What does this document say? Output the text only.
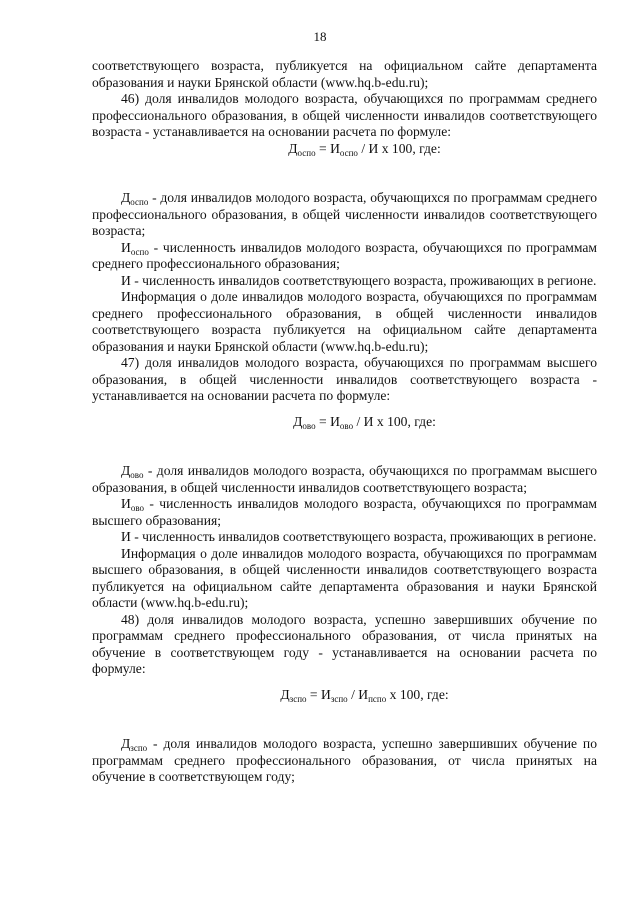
18

соответствующего возраста, публикуется на официальном сайте департамента образования и науки Брянской области (www.hq.b-edu.ru);

46) доля инвалидов молодого возраста, обучающихся по программам среднего профессионального образования, в общей численности инвалидов соответствующего возраста - устанавливается на основании расчета по формуле:

$Д_{оспо} = И_{оспо} / И$ х 100, где:

$Д_{оспо}$ - доля инвалидов молодого возраста, обучающихся по программам среднего профессионального образования, в общей численности инвалидов соответствующего возраста;

$И_{оспо}$ - численность инвалидов молодого возраста, обучающихся по программам среднего профессионального образования;

И - численность инвалидов соответствующего возраста, проживающих в регионе.

Информация о доле инвалидов молодого возраста, обучающихся по программам среднего профессионального образования, в общей численности инвалидов соответствующего возраста публикуется на официальном сайте департамента образования и науки Брянской области (www.hq.b-edu.ru);

47) доля инвалидов молодого возраста, обучающихся по программам высшего образования, в общей численности инвалидов соответствующего возраста - устанавливается на основании расчета по формуле:

$Д_{ово} = И_{ово} / И$ х 100, где:

$Д_{ово}$ - доля инвалидов молодого возраста, обучающихся по программам высшего образования, в общей численности инвалидов соответствующего возраста;

$И_{ово}$ - численность инвалидов молодого возраста, обучающихся по программам высшего образования;

И - численность инвалидов соответствующего возраста, проживающих в регионе.

Информация о доле инвалидов молодого возраста, обучающихся по программам высшего образования, в общей численности инвалидов соответствующего возраста публикуется на официальном сайте департамента образования и науки Брянской области (www.hq.b-edu.ru);

48) доля инвалидов молодого возраста, успешно завершивших обучение по программам среднего профессионального образования, от числа принятых на обучение в соответствующем году - устанавливается на основании расчета по формуле:

$Д_{зспо} = И_{зспо} / И_{пспо}$ х 100, где:

$Д_{зспо}$ - доля инвалидов молодого возраста, успешно завершивших обучение по программам среднего профессионального образования, от числа принятых на обучение в соответствующем году;
